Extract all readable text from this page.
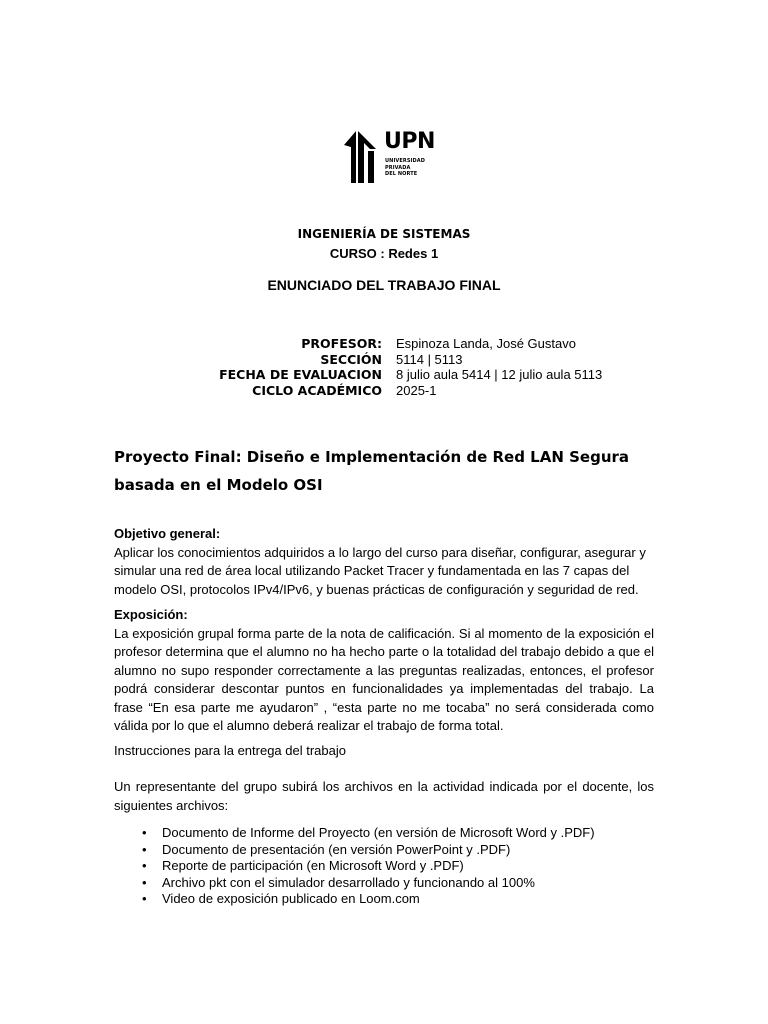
UPN
UNIVERSIDAD
PRIVADA
DEL NORTE
INGENIERÍA DE SISTEMAS
CURSO : Redes 1
ENUNCIADO DEL TRABAJO FINAL
PROFESOR: Espinoza Landa, José Gustavo
SECCIÓN 5114 | 5113
FECHA DE EVALUACION 8 julio aula 5414 | 12 julio aula 5113
CICLO ACADÉMICO 2025-1
Proyecto Final: Diseño e Implementación de Red LAN Segura basada en el Modelo OSI
Objetivo general:
Aplicar los conocimientos adquiridos a lo largo del curso para diseñar, configurar, asegurar y simular una red de área local utilizando Packet Tracer y fundamentada en las 7 capas del modelo OSI, protocolos IPv4/IPv6, y buenas prácticas de configuración y seguridad de red.
Exposición:
La exposición grupal forma parte de la nota de calificación. Si al momento de la exposición el profesor determina que el alumno no ha hecho parte o la totalidad del trabajo debido a que el alumno no supo responder correctamente a las preguntas realizadas, entonces, el profesor podrá considerar descontar puntos en funcionalidades ya implementadas del trabajo. La frase “En esa parte me ayudaron” , “esta parte no me tocaba” no será considerada como válida por lo que el alumno deberá realizar el trabajo de forma total.
Instrucciones para la entrega del trabajo
Un representante del grupo subirá los archivos en la actividad indicada por el docente, los siguientes archivos:
• Documento de Informe del Proyecto (en versión de Microsoft Word y .PDF)
• Documento de presentación (en versión PowerPoint y .PDF)
• Reporte de participación (en Microsoft Word y .PDF)
• Archivo pkt con el simulador desarrollado y funcionando al 100%
• Video de exposición publicado en Loom.com
